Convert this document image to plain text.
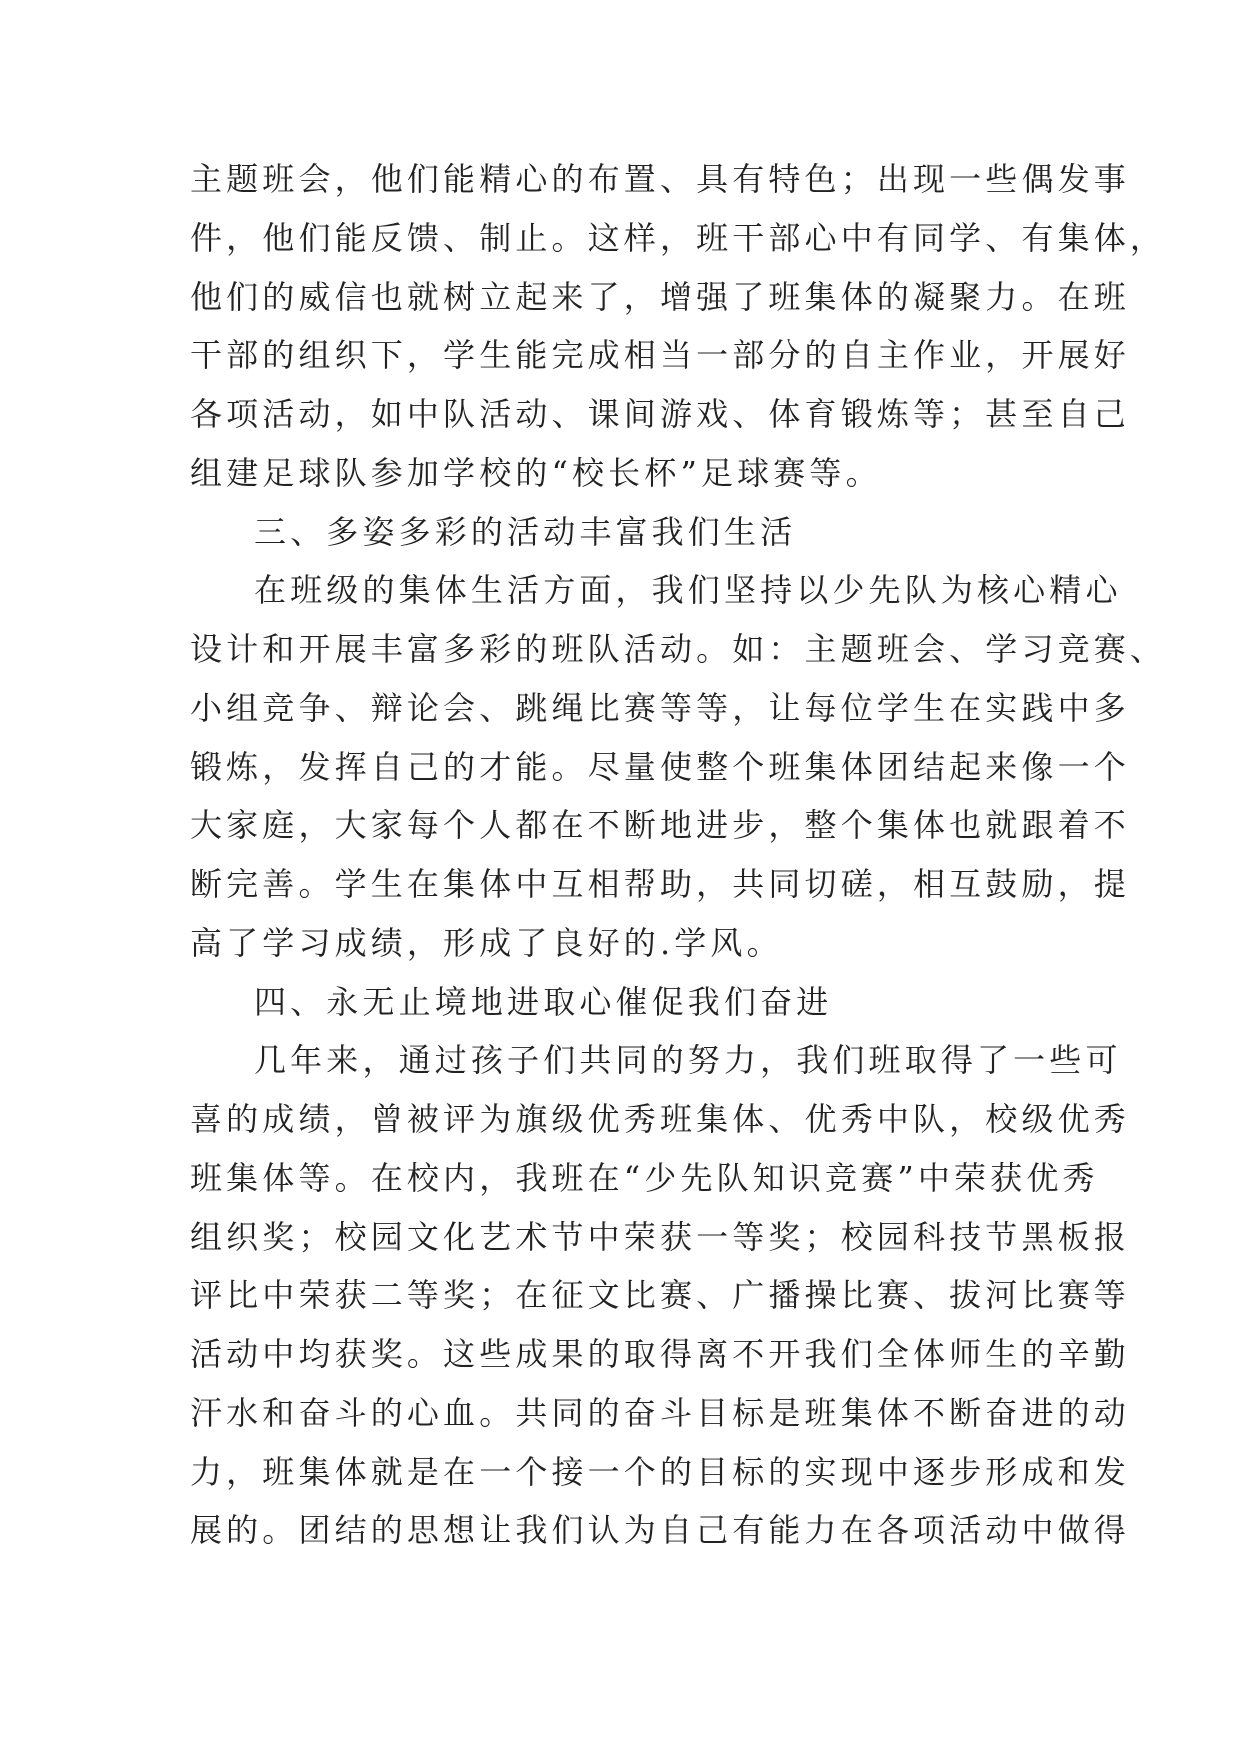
主题班会，他们能精心的布置、具有特色；出现一些偶发事
件，他们能反馈、制止。这样，班干部心中有同学、有集体，
他们的威信也就树立起来了，增强了班集体的凝聚力。在班
干部的组织下，学生能完成相当一部分的自主作业，开展好
各项活动，如中队活动、课间游戏、体育锻炼等；甚至自己
组建足球队参加学校的“校长杯”足球赛等。
三、多姿多彩的活动丰富我们生活
在班级的集体生活方面，我们坚持以少先队为核心精心
设计和开展丰富多彩的班队活动。如：主题班会、学习竞赛、
小组竞争、辩论会、跳绳比赛等等，让每位学生在实践中多
锻炼，发挥自己的才能。尽量使整个班集体团结起来像一个
大家庭，大家每个人都在不断地进步，整个集体也就跟着不
断完善。学生在集体中互相帮助，共同切磋，相互鼓励，提
高了学习成绩，形成了良好的.学风。
四、永无止境地进取心催促我们奋进
几年来，通过孩子们共同的努力，我们班取得了一些可
喜的成绩，曾被评为旗级优秀班集体、优秀中队，校级优秀
班集体等。在校内，我班在“少先队知识竞赛”中荣获优秀
组织奖；校园文化艺术节中荣获一等奖；校园科技节黑板报
评比中荣获二等奖；在征文比赛、广播操比赛、拔河比赛等
活动中均获奖。这些成果的取得离不开我们全体师生的辛勤
汗水和奋斗的心血。共同的奋斗目标是班集体不断奋进的动
力，班集体就是在一个接一个的目标的实现中逐步形成和发
展的。团结的思想让我们认为自己有能力在各项活动中做得
